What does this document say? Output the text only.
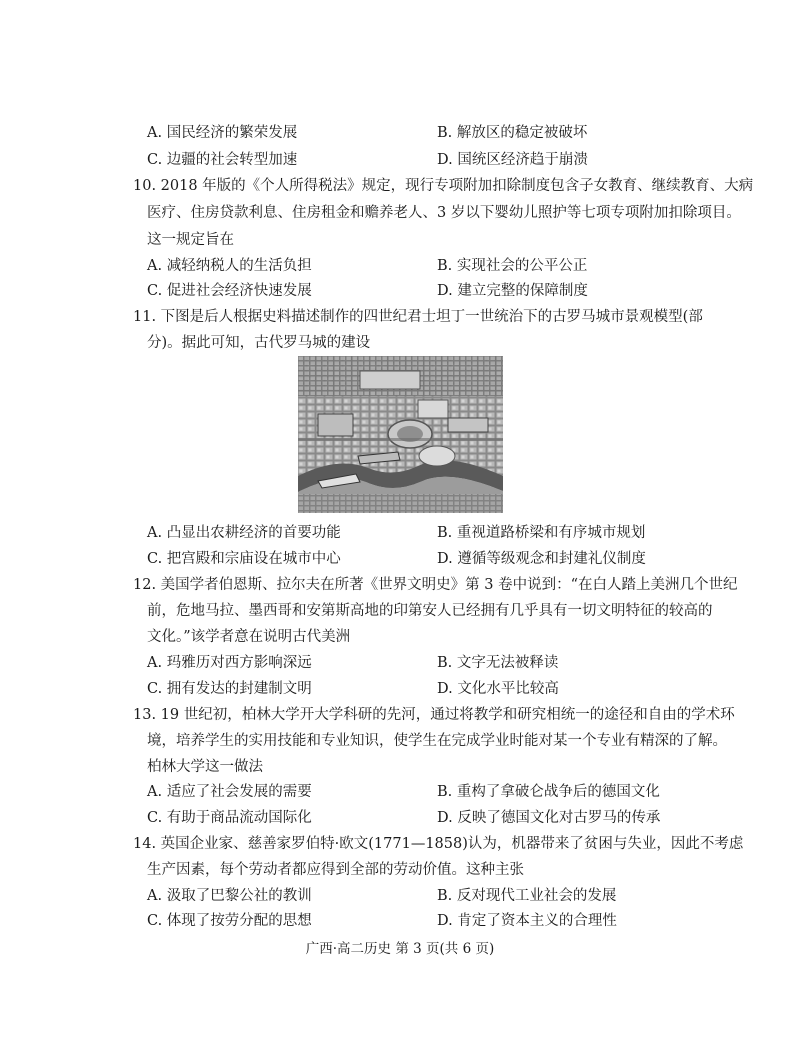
A. 国民经济的繁荣发展	B. 解放区的稳定被破坏
C. 边疆的社会转型加速	D. 国统区经济趋于崩溃
10. 2018 年版的《个人所得税法》规定，现行专项附加扣除制度包含子女教育、继续教育、大病
医疗、住房贷款利息、住房租金和赡养老人、3 岁以下婴幼儿照护等七项专项附加扣除项目。
这一规定旨在
A. 减轻纳税人的生活负担	B. 实现社会的公平公正
C. 促进社会经济快速发展	D. 建立完整的保障制度
11. 下图是后人根据史料描述制作的四世纪君士坦丁一世统治下的古罗马城市景观模型(部
分)。据此可知，古代罗马城的建设
A. 凸显出农耕经济的首要功能	B. 重视道路桥梁和有序城市规划
C. 把宫殿和宗庙设在城市中心	D. 遵循等级观念和封建礼仪制度
12. 美国学者伯恩斯、拉尔夫在所著《世界文明史》第 3 卷中说到：“在白人踏上美洲几个世纪
前，危地马拉、墨西哥和安第斯高地的印第安人已经拥有几乎具有一切文明特征的较高的
文化。”该学者意在说明古代美洲
A. 玛雅历对西方影响深远	B. 文字无法被释读
C. 拥有发达的封建制文明	D. 文化水平比较高
13. 19 世纪初，柏林大学开大学科研的先河，通过将教学和研究相统一的途径和自由的学术环
境，培养学生的实用技能和专业知识，使学生在完成学业时能对某一个专业有精深的了解。
柏林大学这一做法
A. 适应了社会发展的需要	B. 重构了拿破仑战争后的德国文化
C. 有助于商品流动国际化	D. 反映了德国文化对古罗马的传承
14. 英国企业家、慈善家罗伯特·欧文(1771—1858)认为，机器带来了贫困与失业，因此不考虑
生产因素，每个劳动者都应得到全部的劳动价值。这种主张
A. 汲取了巴黎公社的教训	B. 反对现代工业社会的发展
C. 体现了按劳分配的思想	D. 肯定了资本主义的合理性
广西·高二历史 第 3 页(共 6 页)
